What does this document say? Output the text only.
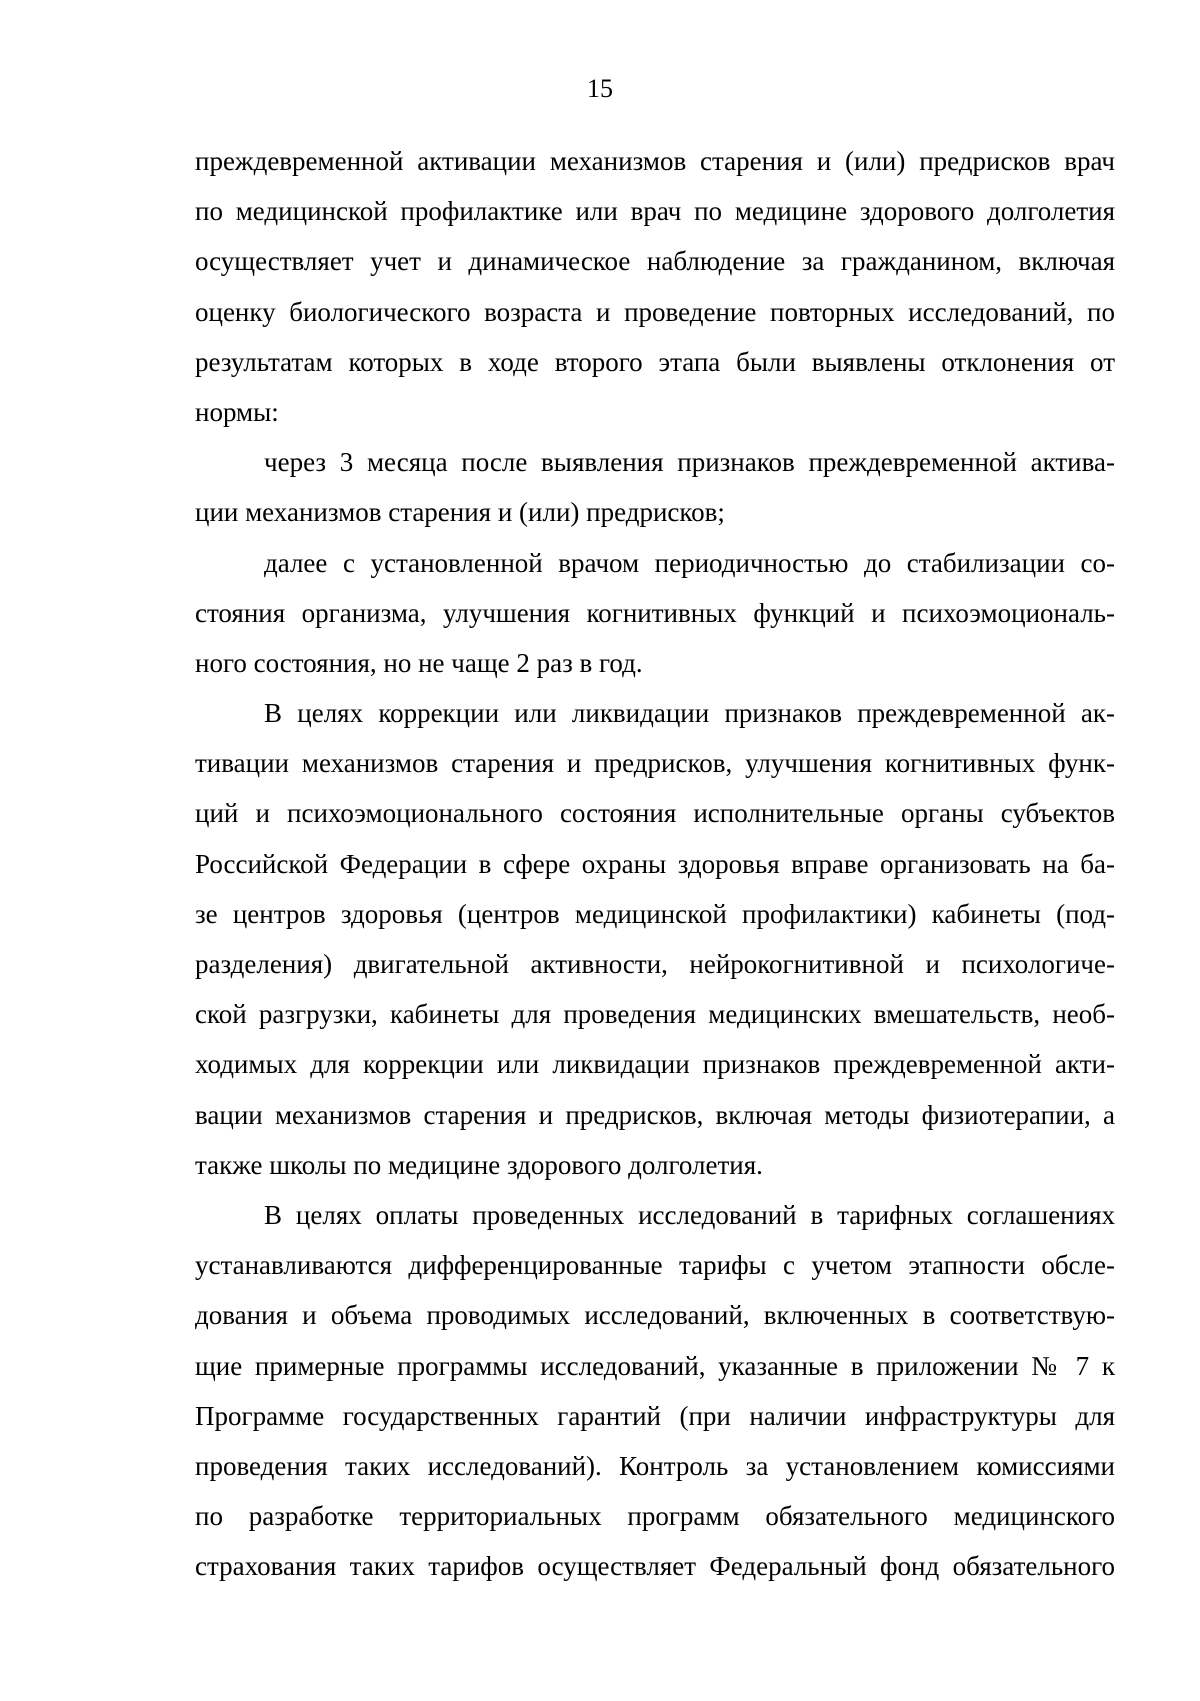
15
преждевременной активации механизмов старения и (или) предрисков врач
по медицинской профилактике или врач по медицине здорового долголетия
осуществляет учет и динамическое наблюдение за гражданином, включая
оценку биологического возраста и проведение повторных исследований, по
результатам которых в ходе второго этапа были выявлены отклонения от
нормы:
через 3 месяца после выявления признаков преждевременной актива-
ции механизмов старения и (или) предрисков;
далее с установленной врачом периодичностью до стабилизации со-
стояния организма, улучшения когнитивных функций и психоэмоциональ-
ного состояния, но не чаще 2 раз в год.
В целях коррекции или ликвидации признаков преждевременной ак-
тивации механизмов старения и предрисков, улучшения когнитивных функ-
ций и психоэмоционального состояния исполнительные органы субъектов
Российской Федерации в сфере охраны здоровья вправе организовать на ба-
зе центров здоровья (центров медицинской профилактики) кабинеты (под-
разделения) двигательной активности, нейрокогнитивной и психологиче-
ской разгрузки, кабинеты для проведения медицинских вмешательств, необ-
ходимых для коррекции или ликвидации признаков преждевременной акти-
вации механизмов старения и предрисков, включая методы физиотерапии, а
также школы по медицине здорового долголетия.
В целях оплаты проведенных исследований в тарифных соглашениях
устанавливаются дифференцированные тарифы с учетом этапности обсле-
дования и объема проводимых исследований, включенных в соответствую-
щие примерные программы исследований, указанные в приложении № 7 к
Программе государственных гарантий (при наличии инфраструктуры для
проведения таких исследований). Контроль за установлением комиссиями
по разработке территориальных программ обязательного медицинского
страхования таких тарифов осуществляет Федеральный фонд обязательного
